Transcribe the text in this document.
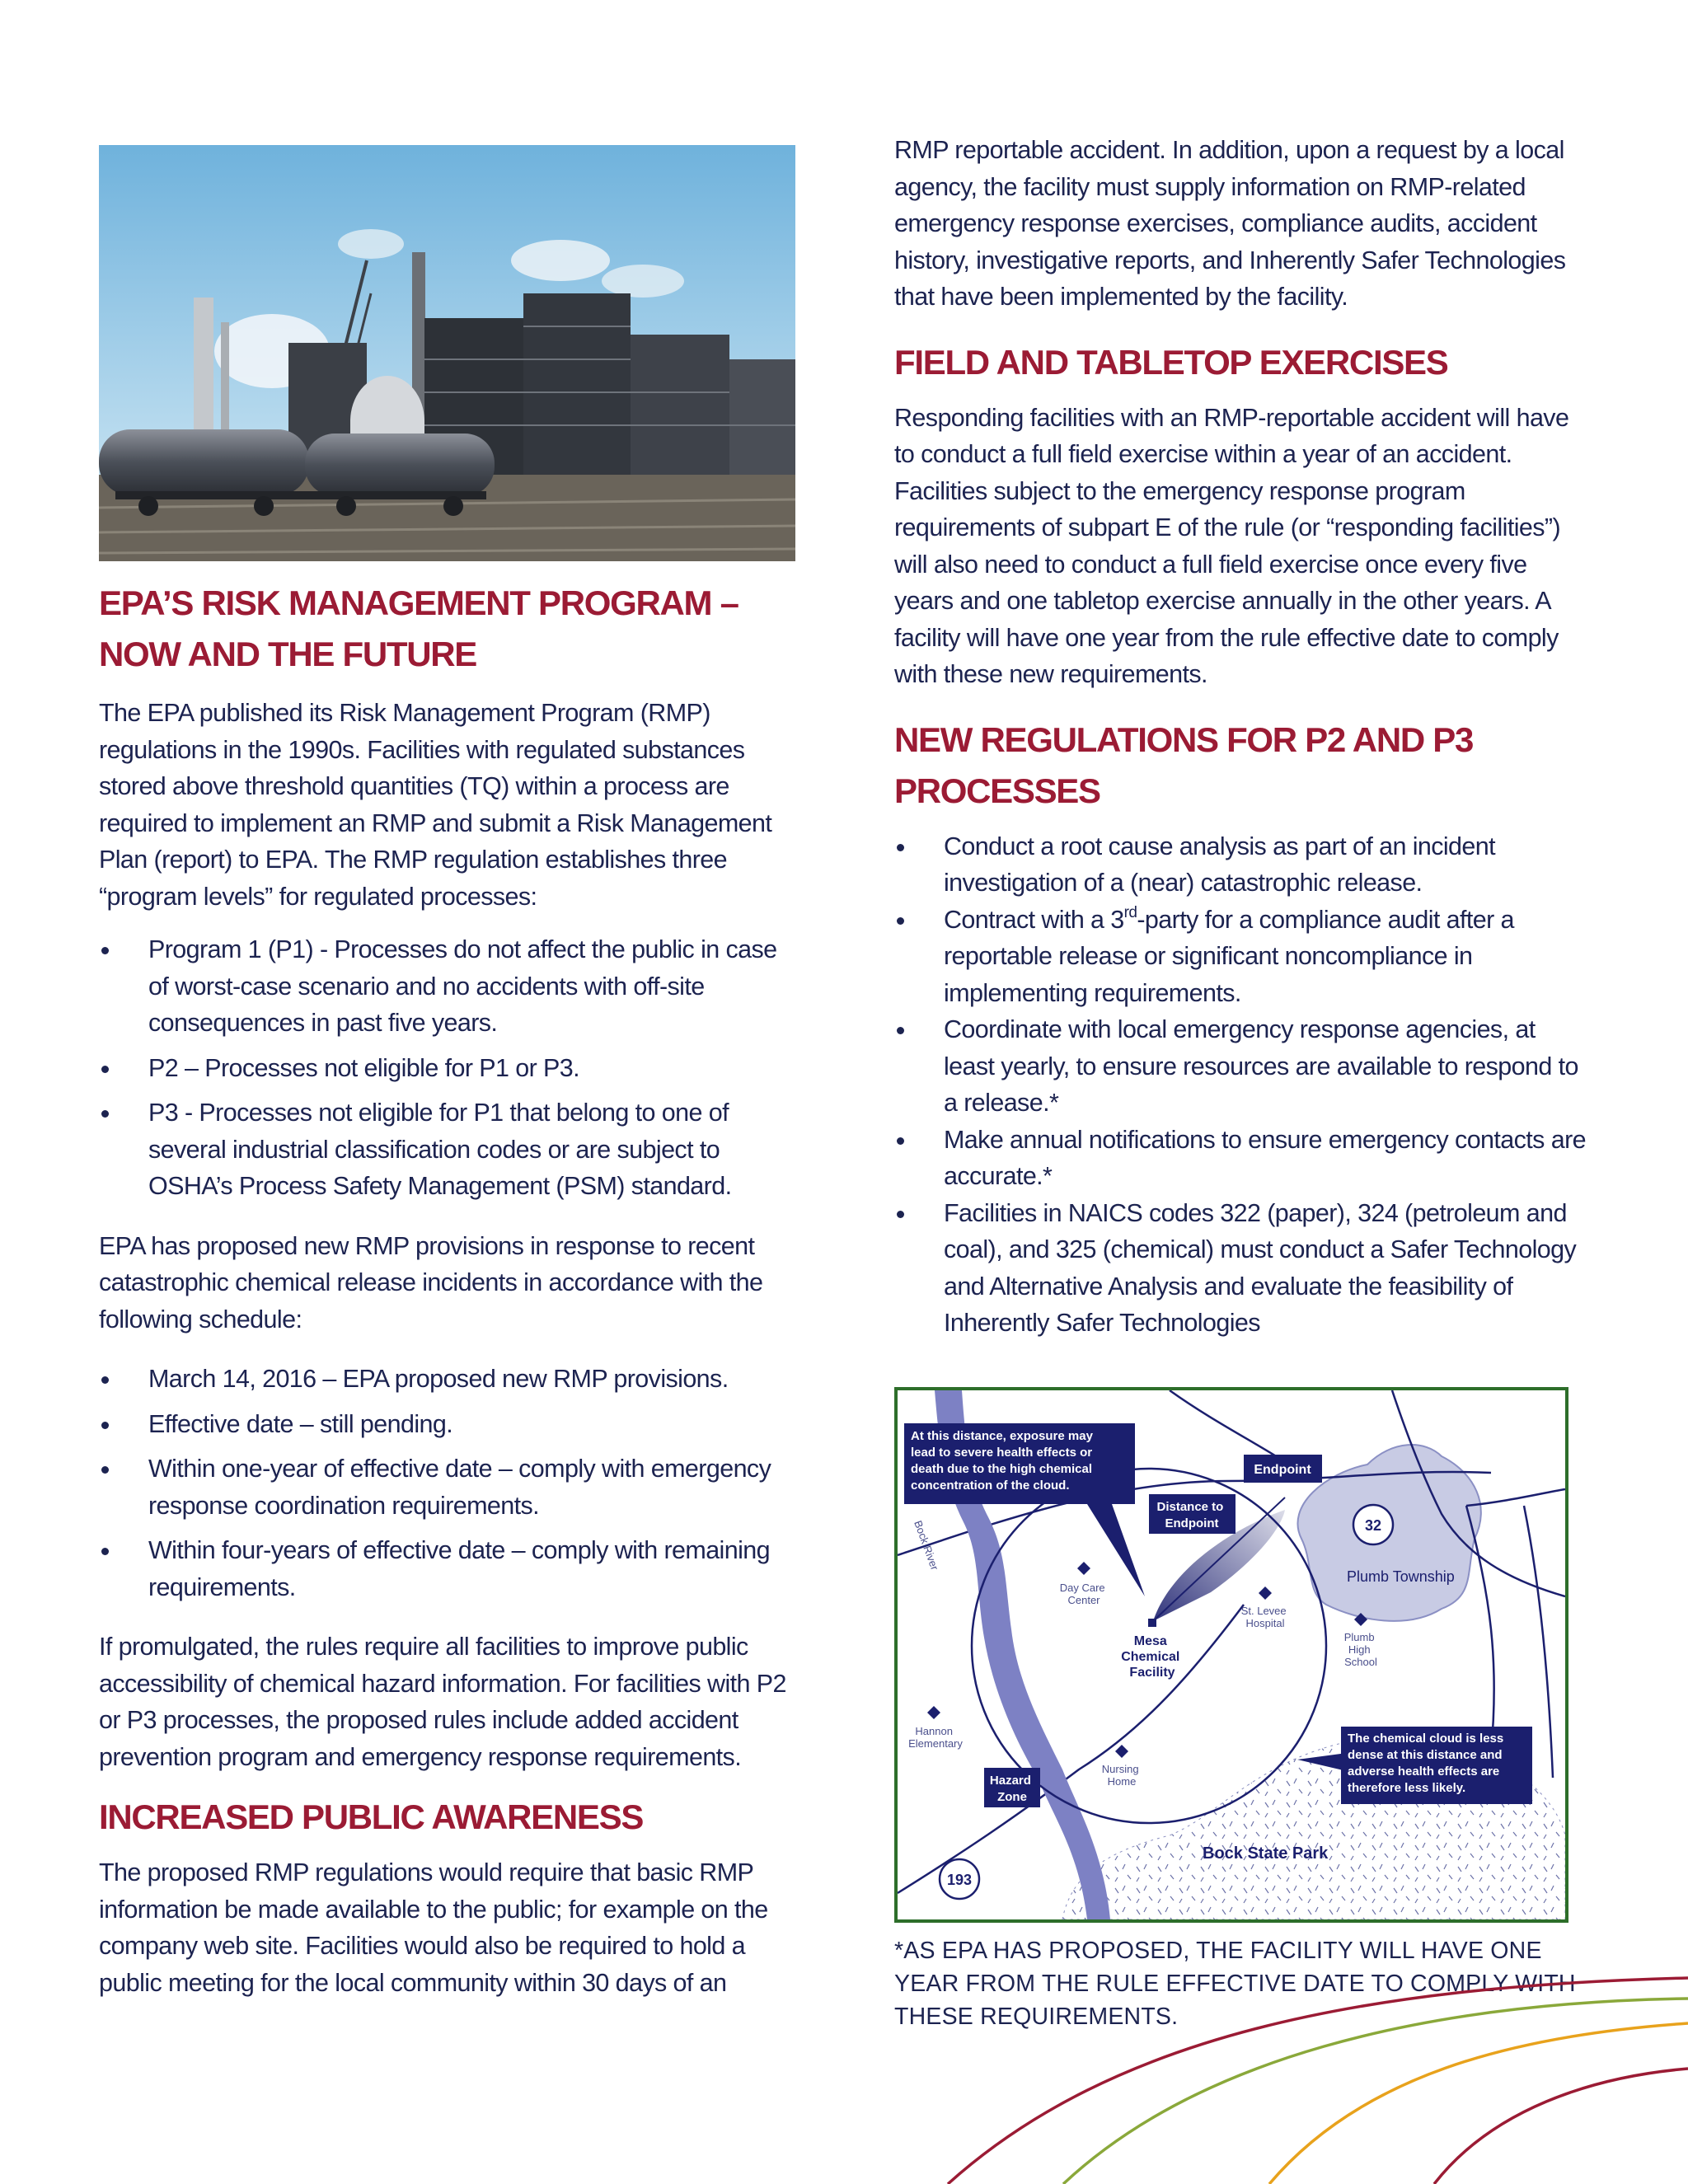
EPA’S RISK MANAGEMENT PROGRAM – NOW AND THE FUTURE

The EPA published its Risk Management Program (RMP) regulations in the 1990s. Facilities with regulated substances stored above threshold quantities (TQ) within a process are required to implement an RMP and submit a Risk Management Plan (report) to EPA. The RMP regulation establishes three “program levels” for regulated processes:

Program 1 (P1) - Processes do not affect the public in case of worst-case scenario and no accidents with off-site consequences in past five years.
P2 – Processes not eligible for P1 or P3.
P3 - Processes not eligible for P1 that belong to one of several industrial classification codes or are subject to OSHA’s Process Safety Management (PSM) standard.

EPA has proposed new RMP provisions in response to recent catastrophic chemical release incidents in accordance with the following schedule:

March 14, 2016 – EPA proposed new RMP provisions.
Effective date – still pending.
Within one-year of effective date – comply with emergency response coordination requirements.
Within four-years of effective date – comply with remaining requirements.

If promulgated, the rules require all facilities to improve public accessibility of chemical hazard information. For facilities with P2 or P3 processes, the proposed rules include added accident prevention program and emergency response requirements.

INCREASED PUBLIC AWARENESS

The proposed RMP regulations would require that basic RMP information be made available to the public; for example on the company web site. Facilities would also be required to hold a public meeting for the local community within 30 days of an

RMP reportable accident. In addition, upon a request by a local agency, the facility must supply information on RMP-related emergency response exercises, compliance audits, accident history, investigative reports, and Inherently Safer Technologies that have been implemented by the facility.

FIELD AND TABLETOP EXERCISES

Responding facilities with an RMP-reportable accident will have to conduct a full field exercise within a year of an accident. Facilities subject to the emergency response program requirements of subpart E of the rule (or “responding facilities”) will also need to conduct a full field exercise once every five years and one tabletop exercise annually in the other years. A facility will have one year from the rule effective date to comply with these new requirements.

NEW REGULATIONS FOR P2 AND P3 PROCESSES
Conduct a root cause analysis as part of an incident investigation of a (near) catastrophic release.
Contract with a 3rd-party for a compliance audit after a reportable release or significant noncompliance in implementing requirements.
Coordinate with local emergency response agencies, at least yearly, to ensure resources are available to respond to a release.*
Make annual notifications to ensure emergency contacts are accurate.*
Facilities in NAICS codes 322 (paper), 324 (petroleum and coal), and 325 (chemical) must conduct a Safer Technology and Alternative Analysis and evaluate the feasibility of Inherently Safer Technologies
At this distance, exposure may lead to severe health effects or death due to the high chemical concentration of the cloud.
Endpoint
Distance to Endpoint	32
Plumb Township
Bock River
Day Care Center
St. Levee Hospital
Mesa Chemical Facility
Plumb High School
Hannon Elementary
Nursing Home
Hazard Zone
The chemical cloud is less dense at this distance and adverse health effects are therefore less likely.
193
Bock State Park
*AS EPA HAS PROPOSED, THE FACILITY WILL HAVE ONE YEAR FROM THE RULE EFFECTIVE DATE TO COMPLY WITH THESE REQUIREMENTS.
